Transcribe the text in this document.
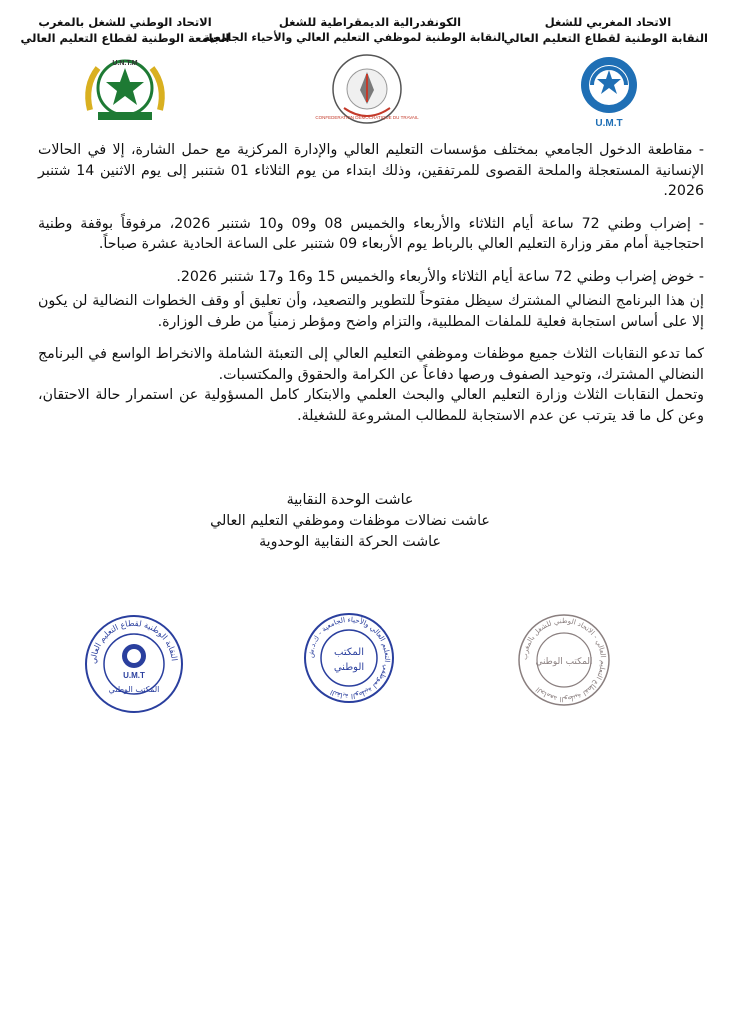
الاتحاد المغربي للشغل
النقابة الوطنية لقطاع التعليم العالي
الكونفدرالية الديمقراطية للشغل
النقابة الوطنية لموظفي التعليم العالي والأحياء الجامعية
الاتحاد الوطني للشغل بالمغرب
الجامعة الوطنية لقطاع التعليم العالي
U.N.T.M
CONFEDERATION DEMOCRATIQUE DU TRAVAIL
U.M.T

- مقاطعة الدخول الجامعي بمختلف مؤسسات التعليم العالي والإدارة المركزية مع حمل الشارة، إلا في الحالات الإنسانية المستعجلة والملحة القصوى للمرتفقين، وذلك ابتداء من يوم الثلاثاء 01 شتنبر إلى يوم الاثنين 14 شتنبر 2026.

- إضراب وطني 72 ساعة أيام الثلاثاء والأربعاء والخميس 08 و09 و10 شتنبر 2026، مرفوقاً بوقفة وطنية احتجاجية أمام مقر وزارة التعليم العالي بالرباط يوم الأربعاء 09 شتنبر على الساعة الحادية عشرة صباحاً.

- خوض إضراب وطني 72 ساعة أيام الثلاثاء والأربعاء والخميس 15 و16 و17 شتنبر 2026.

إن هذا البرنامج النضالي المشترك سيظل مفتوحاً للتطوير والتصعيد، وأن تعليق أو وقف الخطوات النضالية لن يكون إلا على أساس استجابة فعلية للملفات المطلبية، والتزام واضح ومؤطر زمنياً من طرف الوزارة.

كما تدعو النقابات الثلاث جميع موظفات وموظفي التعليم العالي إلى التعبئة الشاملة والانخراط الواسع في البرنامج النضالي المشترك، وتوحيد الصفوف ورصها دفاعاً عن الكرامة والحقوق والمكتسبات.

وتحمل النقابات الثلاث وزارة التعليم العالي والبحث العلمي والابتكار كامل المسؤولية عن استمرار حالة الاحتقان، وعن كل ما قد يترتب عن عدم الاستجابة للمطالب المشروعة للشغيلة.

عاشت الوحدة النقابية
عاشت نضالات موظفات وموظفي التعليم العالي
عاشت الحركة النقابية الوحدوية
النقابة الوطنية لقطاع التعليم العالي
U.M.T
المكتب الوطني
النقابة الوطنية لموظفي التعليم العالي والأحياء الجامعية - ك.د.ش
المكتب
الوطني
الجامعة الوطنية لقطاع التعليم العالي - الاتحاد الوطني للشغل بالمغرب
المكتب الوطني
